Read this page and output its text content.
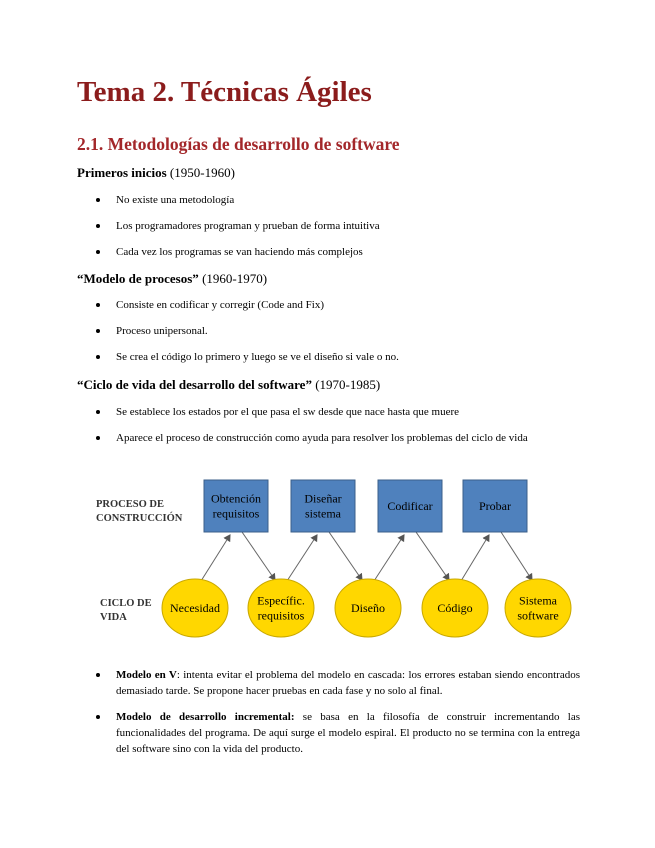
Tema 2. Técnicas Ágiles
2.1. Metodologías de desarrollo de software

Primeros inicios (1950-1960)

No existe una metodología
Los programadores programan y prueban de forma intuitiva
Cada vez los programas se van haciendo más complejos

“Modelo de procesos” (1960-1970)

Consiste en codificar y corregir (Code and Fix)
Proceso unipersonal.
Se crea el código lo primero y luego se ve el diseño si vale o no.

“Ciclo de vida del desarrollo del software” (1970-1985)

Se establece los estados por el que pasa el sw desde que nace hasta que muere
Aparece el proceso de construcción como ayuda para resolver los problemas del ciclo de vida
Obtención
requisitos
Diseñar
sistema
Codificar	Probar
Necesidad
Específic.
requisitos
Diseño	Código
Sistema
software
PROCESO DE
CONSTRUCCIÓN
CICLO DE
VIDA
Modelo en V: intenta evitar el problema del modelo en cascada: los errores estaban siendo encontrados demasiado tarde. Se propone hacer pruebas en cada fase y no solo al final.
Modelo de desarrollo incremental: se basa en la filosofía de construir incrementando las funcionalidades del programa. De aquí surge el modelo espiral. El producto no se termina con la entrega del software sino con la vida del producto.
